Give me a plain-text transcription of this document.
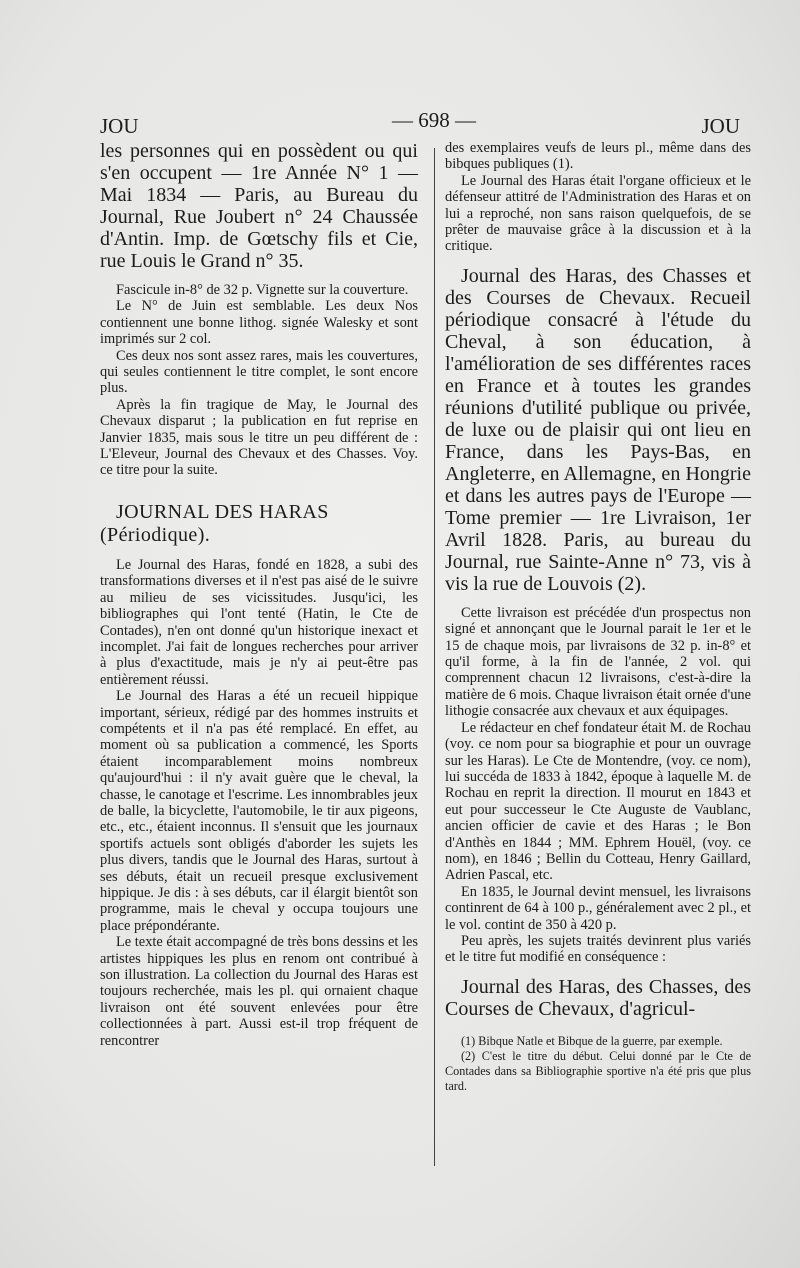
JOU	— 698 —	JOU

les personnes qui en possèdent ou qui s'en occupent — 1re Année N° 1 — Mai 1834 — Paris, au Bureau du Journal, Rue Joubert n° 24 Chaussée d'Antin. Imp. de Gœtschy fils et Cie, rue Louis le Grand n° 35.

Fascicule in-8° de 32 p. Vignette sur la couverture.

Le N° de Juin est semblable. Les deux Nos contiennent une bonne lithog. signée Walesky et sont imprimés sur 2 col.

Ces deux nos sont assez rares, mais les couvertures, qui seules contiennent le titre complet, le sont encore plus.

Après la fin tragique de May, le Journal des Chevaux disparut ; la publication en fut reprise en Janvier 1835, mais sous le titre un peu différent de : L'Eleveur, Journal des Chevaux et des Chasses. Voy. ce titre pour la suite.

JOURNAL DES HARAS (Périodique).

Le Journal des Haras, fondé en 1828, a subi des transformations diverses et il n'est pas aisé de le suivre au milieu de ses vicissitudes. Jusqu'ici, les bibliographes qui l'ont tenté (Hatin, le Cte de Contades), n'en ont donné qu'un historique inexact et incomplet. J'ai fait de longues recherches pour arriver à plus d'exactitude, mais je n'y ai peut-être pas entièrement réussi.

Le Journal des Haras a été un recueil hippique important, sérieux, rédigé par des hommes instruits et compétents et il n'a pas été remplacé. En effet, au moment où sa publication a commencé, les Sports étaient incomparablement moins nombreux qu'aujourd'hui : il n'y avait guère que le cheval, la chasse, le canotage et l'escrime. Les innombrables jeux de balle, la bicyclette, l'automobile, le tir aux pigeons, etc., etc., étaient inconnus. Il s'ensuit que les journaux sportifs actuels sont obligés d'aborder les sujets les plus divers, tandis que le Journal des Haras, surtout à ses débuts, était un recueil presque exclusivement hippique. Je dis : à ses débuts, car il élargit bientôt son programme, mais le cheval y occupa toujours une place prépondérante.

Le texte était accompagné de très bons dessins et les artistes hippiques les plus en renom ont contribué à son illustration. La collection du Journal des Haras est toujours recherchée, mais les pl. qui ornaient chaque livraison ont été souvent enlevées pour être collectionnées à part. Aussi est-il trop fréquent de rencontrer

des exemplaires veufs de leurs pl., même dans des bibques publiques (1).

Le Journal des Haras était l'organe officieux et le défenseur attitré de l'Administration des Haras et on lui a reproché, non sans raison quelquefois, de se prêter de mauvaise grâce à la discussion et à la critique.

Journal des Haras, des Chasses et des Courses de Chevaux. Recueil périodique consacré à l'étude du Cheval, à son éducation, à l'amélioration de ses différentes races en France et à toutes les grandes réunions d'utilité publique ou privée, de luxe ou de plaisir qui ont lieu en France, dans les Pays-Bas, en Angleterre, en Allemagne, en Hongrie et dans les autres pays de l'Europe — Tome premier — 1re Livraison, 1er Avril 1828. Paris, au bureau du Journal, rue Sainte-Anne n° 73, vis à vis la rue de Louvois (2).

Cette livraison est précédée d'un prospectus non signé et annonçant que le Journal parait le 1er et le 15 de chaque mois, par livraisons de 32 p. in-8° et qu'il forme, à la fin de l'année, 2 vol. qui comprennent chacun 12 livraisons, c'est-à-dire la matière de 6 mois. Chaque livraison était ornée d'une lithogie consacrée aux chevaux et aux équipages.

Le rédacteur en chef fondateur était M. de Rochau (voy. ce nom pour sa biographie et pour un ouvrage sur les Haras). Le Cte de Montendre, (voy. ce nom), lui succéda de 1833 à 1842, époque à laquelle M. de Rochau en reprit la direction. Il mourut en 1843 et eut pour successeur le Cte Auguste de Vaublanc, ancien officier de cavie et des Haras ; le Bon d'Anthès en 1844 ; MM. Ephrem Houël, (voy. ce nom), en 1846 ; Bellin du Cotteau, Henry Gaillard, Adrien Pascal, etc.

En 1835, le Journal devint mensuel, les livraisons continrent de 64 à 100 p., généralement avec 2 pl., et le vol. contint de 350 à 420 p.

Peu après, les sujets traités devinrent plus variés et le titre fut modifié en conséquence :

Journal des Haras, des Chasses, des Courses de Chevaux, d'agricul-

(1) Bibque Natle et Bibque de la guerre, par exemple.

(2) C'est le titre du début. Celui donné par le Cte de Contades dans sa Bibliographie sportive n'a été pris que plus tard.
